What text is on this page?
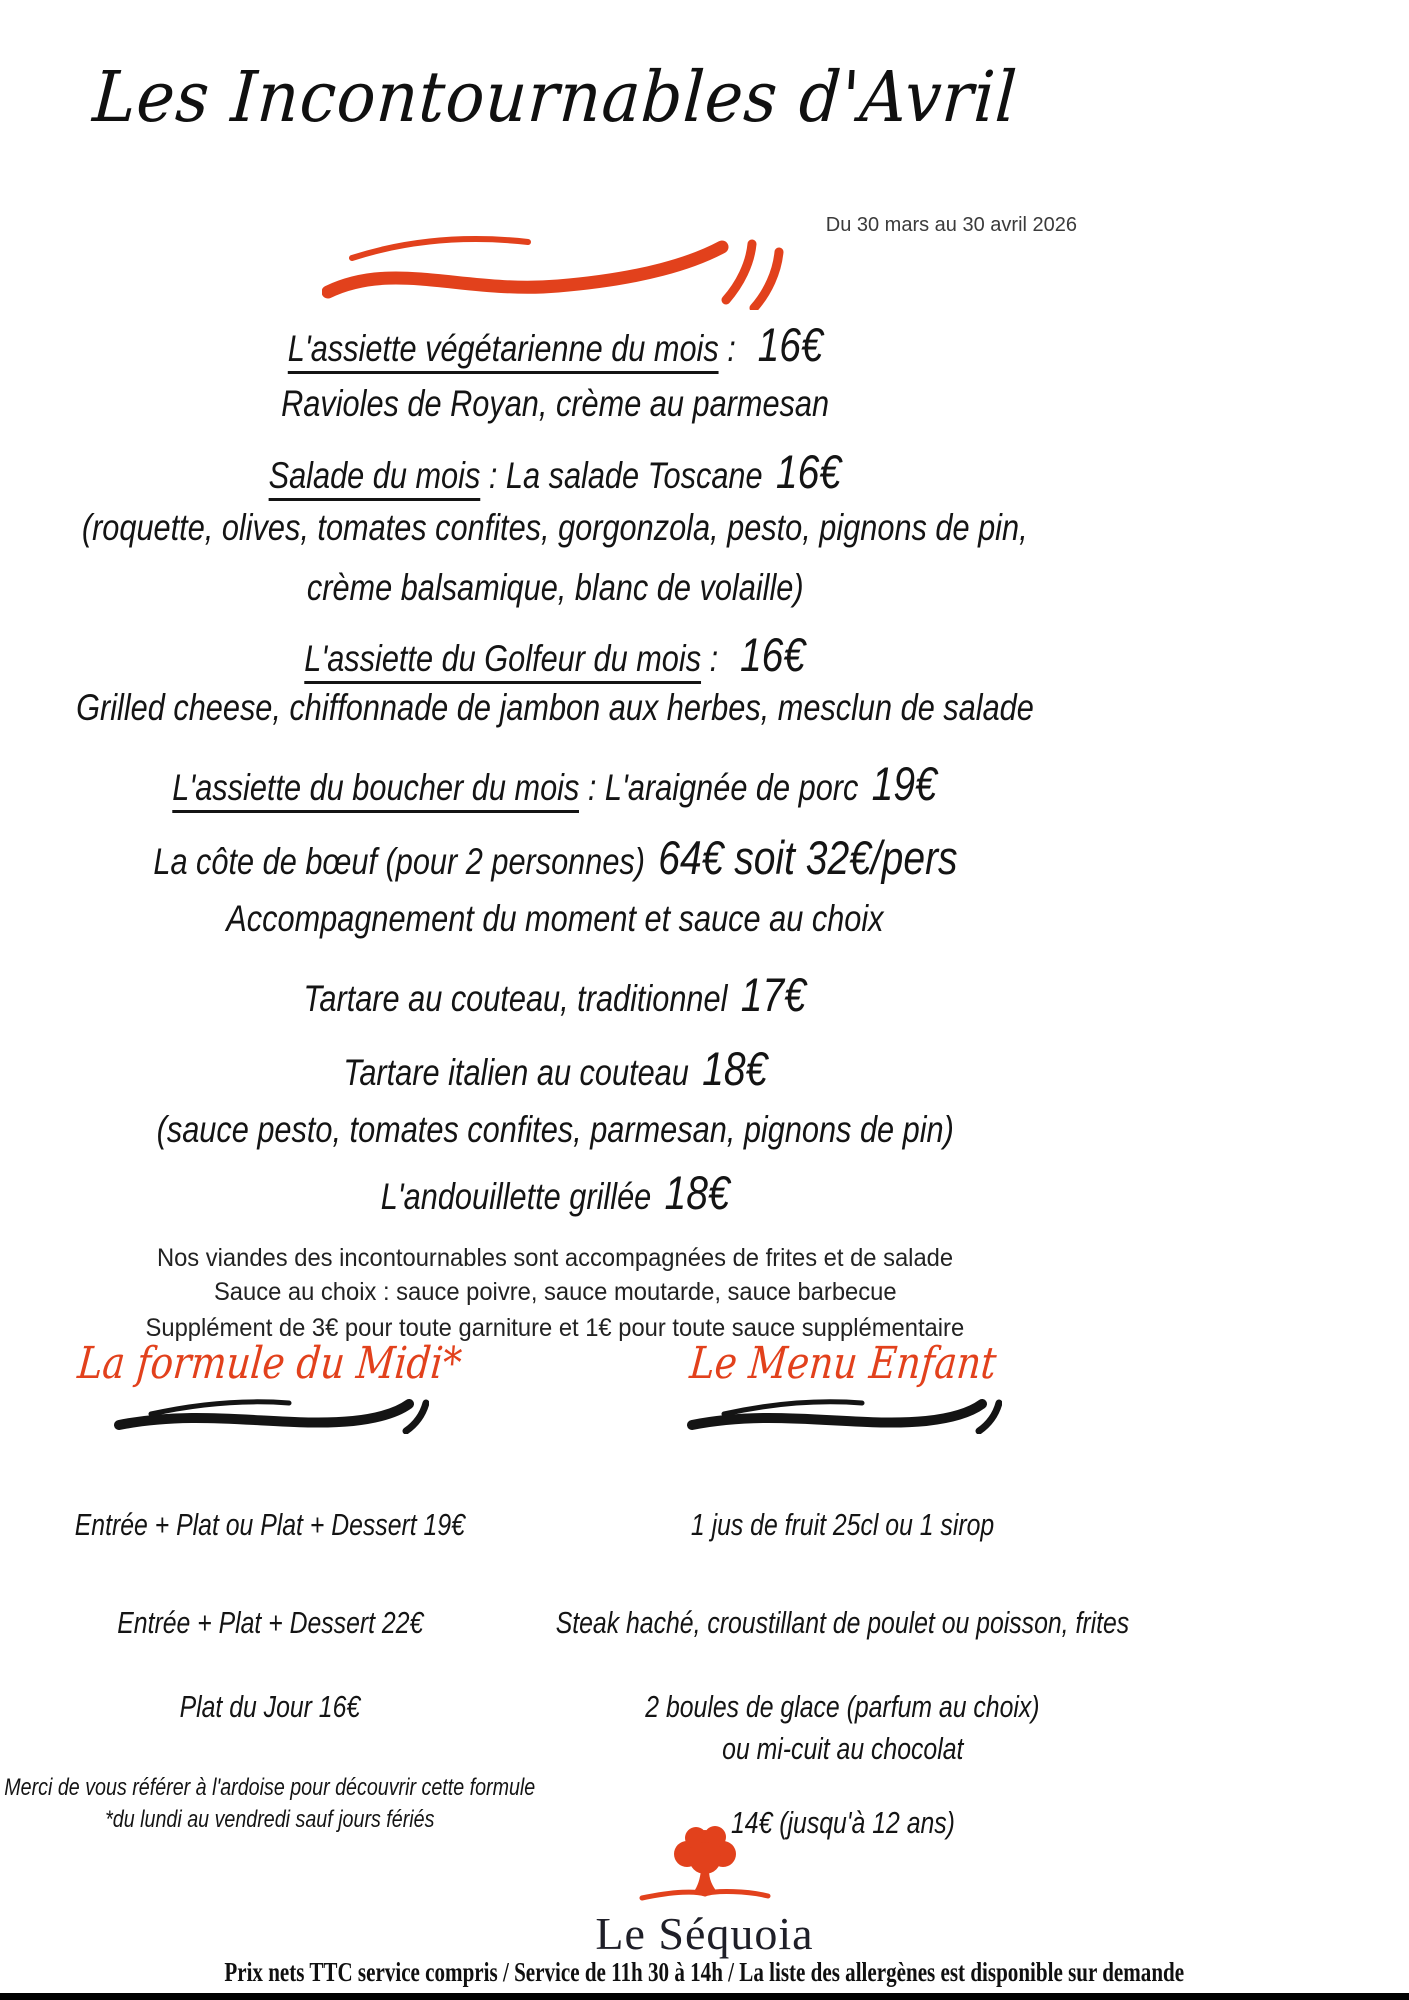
Les Incontournables d'Avril
Du 30 mars au 30 avril 2026
L'assiette végétarienne du mois : 16€
Ravioles de Royan, crème au parmesan
Salade du mois : La salade Toscane 16€
(roquette, olives, tomates confites, gorgonzola, pesto, pignons de pin,
crème balsamique, blanc de volaille)
L'assiette du Golfeur du mois : 16€
Grilled cheese, chiffonnade de jambon aux herbes, mesclun de salade
L'assiette du boucher du mois : L'araignée de porc 19€
La côte de bœuf (pour 2 personnes) 64€ soit 32€/pers
Accompagnement du moment et sauce au choix
Tartare au couteau, traditionnel 17€
Tartare italien au couteau 18€
(sauce pesto, tomates confites, parmesan, pignons de pin)
L'andouillette grillée 18€
Nos viandes des incontournables sont accompagnées de frites et de salade
Sauce au choix : sauce poivre, sauce moutarde, sauce barbecue
Supplément de 3€ pour toute garniture et 1€ pour toute sauce supplémentaire
La formule du Midi*
Entrée + Plat ou Plat + Dessert 19€
Entrée + Plat + Dessert 22€
Plat du Jour 16€
Merci de vous référer à l'ardoise pour découvrir cette formule
*du lundi au vendredi sauf jours fériés
Le Menu Enfant
1 jus de fruit 25cl ou 1 sirop
Steak haché, croustillant de poulet ou poisson, frites
2 boules de glace (parfum au choix)
ou mi-cuit au chocolat
14€ (jusqu'à 12 ans)
Le Séquoia
Prix nets TTC service compris / Service de 11h 30 à 14h / La liste des allergènes est disponible sur demande
